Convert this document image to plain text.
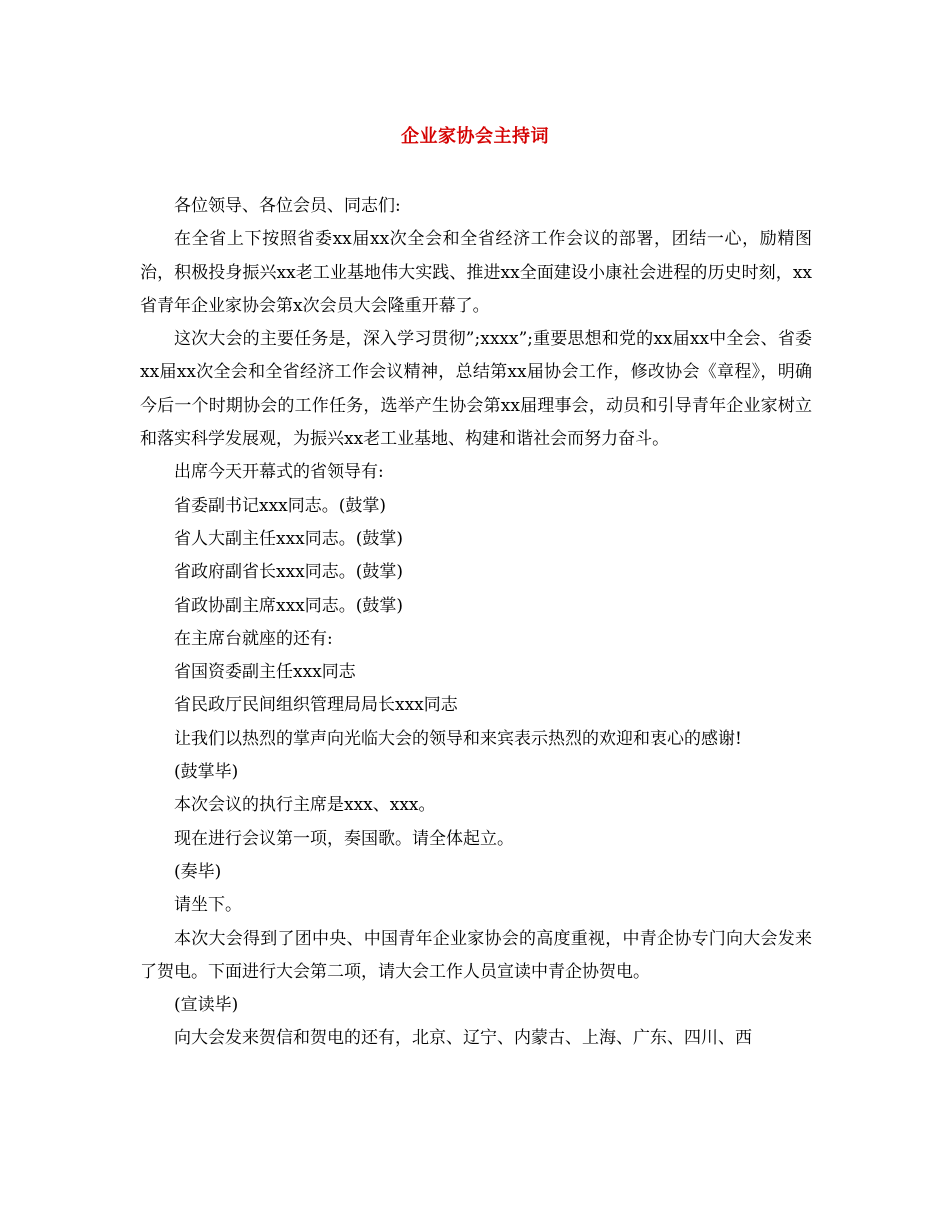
企业家协会主持词

各位领导、各位会员、同志们:

在全省上下按照省委xx届xx次全会和全省经济工作会议的部署，团结一心，励精图治，积极投身振兴xx老工业基地伟大实践、推进xx全面建设小康社会进程的历史时刻，xx省青年企业家协会第x次会员大会隆重开幕了。

这次大会的主要任务是，深入学习贯彻”;xxxx”;重要思想和党的xx届xx中全会、省委xx届xx次全会和全省经济工作会议精神，总结第xx届协会工作，修改协会《章程》，明确今后一个时期协会的工作任务，选举产生协会第xx届理事会，动员和引导青年企业家树立和落实科学发展观，为振兴xx老工业基地、构建和谐社会而努力奋斗。

出席今天开幕式的省领导有:

省委副书记xxx同志。(鼓掌)

省人大副主任xxx同志。(鼓掌)

省政府副省长xxx同志。(鼓掌)

省政协副主席xxx同志。(鼓掌)

在主席台就座的还有:

省国资委副主任xxx同志

省民政厅民间组织管理局局长xxx同志

让我们以热烈的掌声向光临大会的领导和来宾表示热烈的欢迎和衷心的感谢!

(鼓掌毕)

本次会议的执行主席是xxx、xxx。

现在进行会议第一项，奏国歌。请全体起立。

(奏毕)

请坐下。

本次大会得到了团中央、中国青年企业家协会的高度重视，中青企协专门向大会发来了贺电。下面进行大会第二项，请大会工作人员宣读中青企协贺电。

(宣读毕)

向大会发来贺信和贺电的还有，北京、辽宁、内蒙古、上海、广东、四川、西
